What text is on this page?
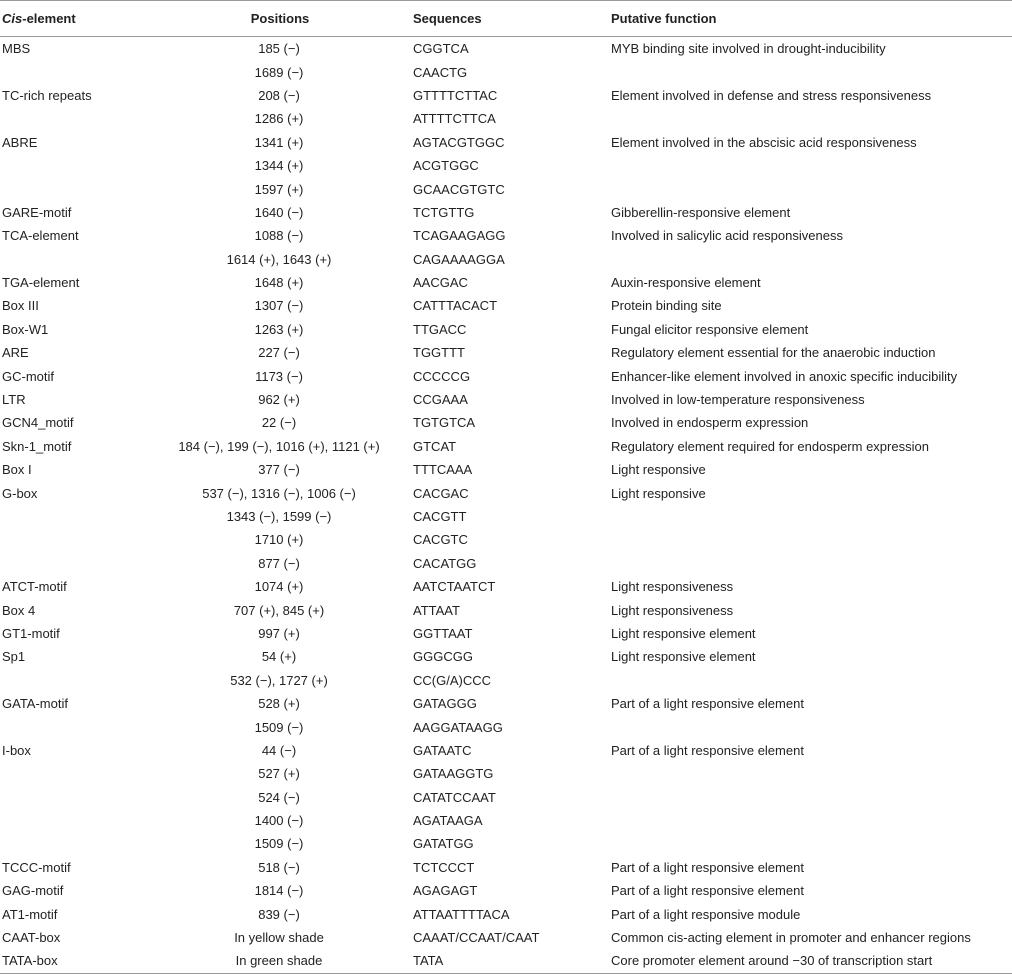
Cis-element	Positions	Sequences	Putative function
MBS	185 (−)	CGGTCA	MYB binding site involved in drought-inducibility
	1689 (−)	CAACTG	
TC-rich repeats	208 (−)	GTTTTCTTAC	Element involved in defense and stress responsiveness
	1286 (+)	ATTTTCTTCA	
ABRE	1341 (+)	AGTACGTGGC	Element involved in the abscisic acid responsiveness
	1344 (+)	ACGTGGC	
	1597 (+)	GCAACGTGTC	
GARE-motif	1640 (−)	TCTGTTG	Gibberellin-responsive element
TCA-element	1088 (−)	TCAGAAGAGG	Involved in salicylic acid responsiveness
	1614 (+), 1643 (+)	CAGAAAAGGA	
TGA-element	1648 (+)	AACGAC	Auxin-responsive element
Box III	1307 (−)	CATTTACACT	Protein binding site
Box-W1	1263 (+)	TTGACC	Fungal elicitor responsive element
ARE	227 (−)	TGGTTT	Regulatory element essential for the anaerobic induction
GC-motif	1173 (−)	CCCCCG	Enhancer-like element involved in anoxic specific inducibility
LTR	962 (+)	CCGAAA	Involved in low-temperature responsiveness
GCN4_motif	22 (−)	TGTGTCA	Involved in endosperm expression
Skn-1_motif	184 (−), 199 (−), 1016 (+), 1121 (+)	GTCAT	Regulatory element required for endosperm expression
Box I	377 (−)	TTTCAAA	Light responsive
G-box	537 (−), 1316 (−), 1006 (−)	CACGAC	Light responsive
	1343 (−), 1599 (−)	CACGTT	
	1710 (+)	CACGTC	
	877 (−)	CACATGG	
ATCT-motif	1074 (+)	AATCTAATCT	Light responsiveness
Box 4	707 (+), 845 (+)	ATTAAT	Light responsiveness
GT1-motif	997 (+)	GGTTAAT	Light responsive element
Sp1	54 (+)	GGGCGG	Light responsive element
	532 (−), 1727 (+)	CC(G/A)CCC	
GATA-motif	528 (+)	GATAGGG	Part of a light responsive element
	1509 (−)	AAGGATAAGG	
I-box	44 (−)	GATAATC	Part of a light responsive element
	527 (+)	GATAAGGTG	
	524 (−)	CATATCCAAT	
	1400 (−)	AGATAAGA	
	1509 (−)	GATATGG	
TCCC-motif	518 (−)	TCTCCCT	Part of a light responsive element
GAG-motif	1814 (−)	AGAGAGT	Part of a light responsive element
AT1-motif	839 (−)	ATTAATTTTACA	Part of a light responsive module
CAAT-box	In yellow shade	CAAAT/CCAAT/CAAT	Common cis-acting element in promoter and enhancer regions
TATA-box	In green shade	TATA	Core promoter element around −30 of transcription start
